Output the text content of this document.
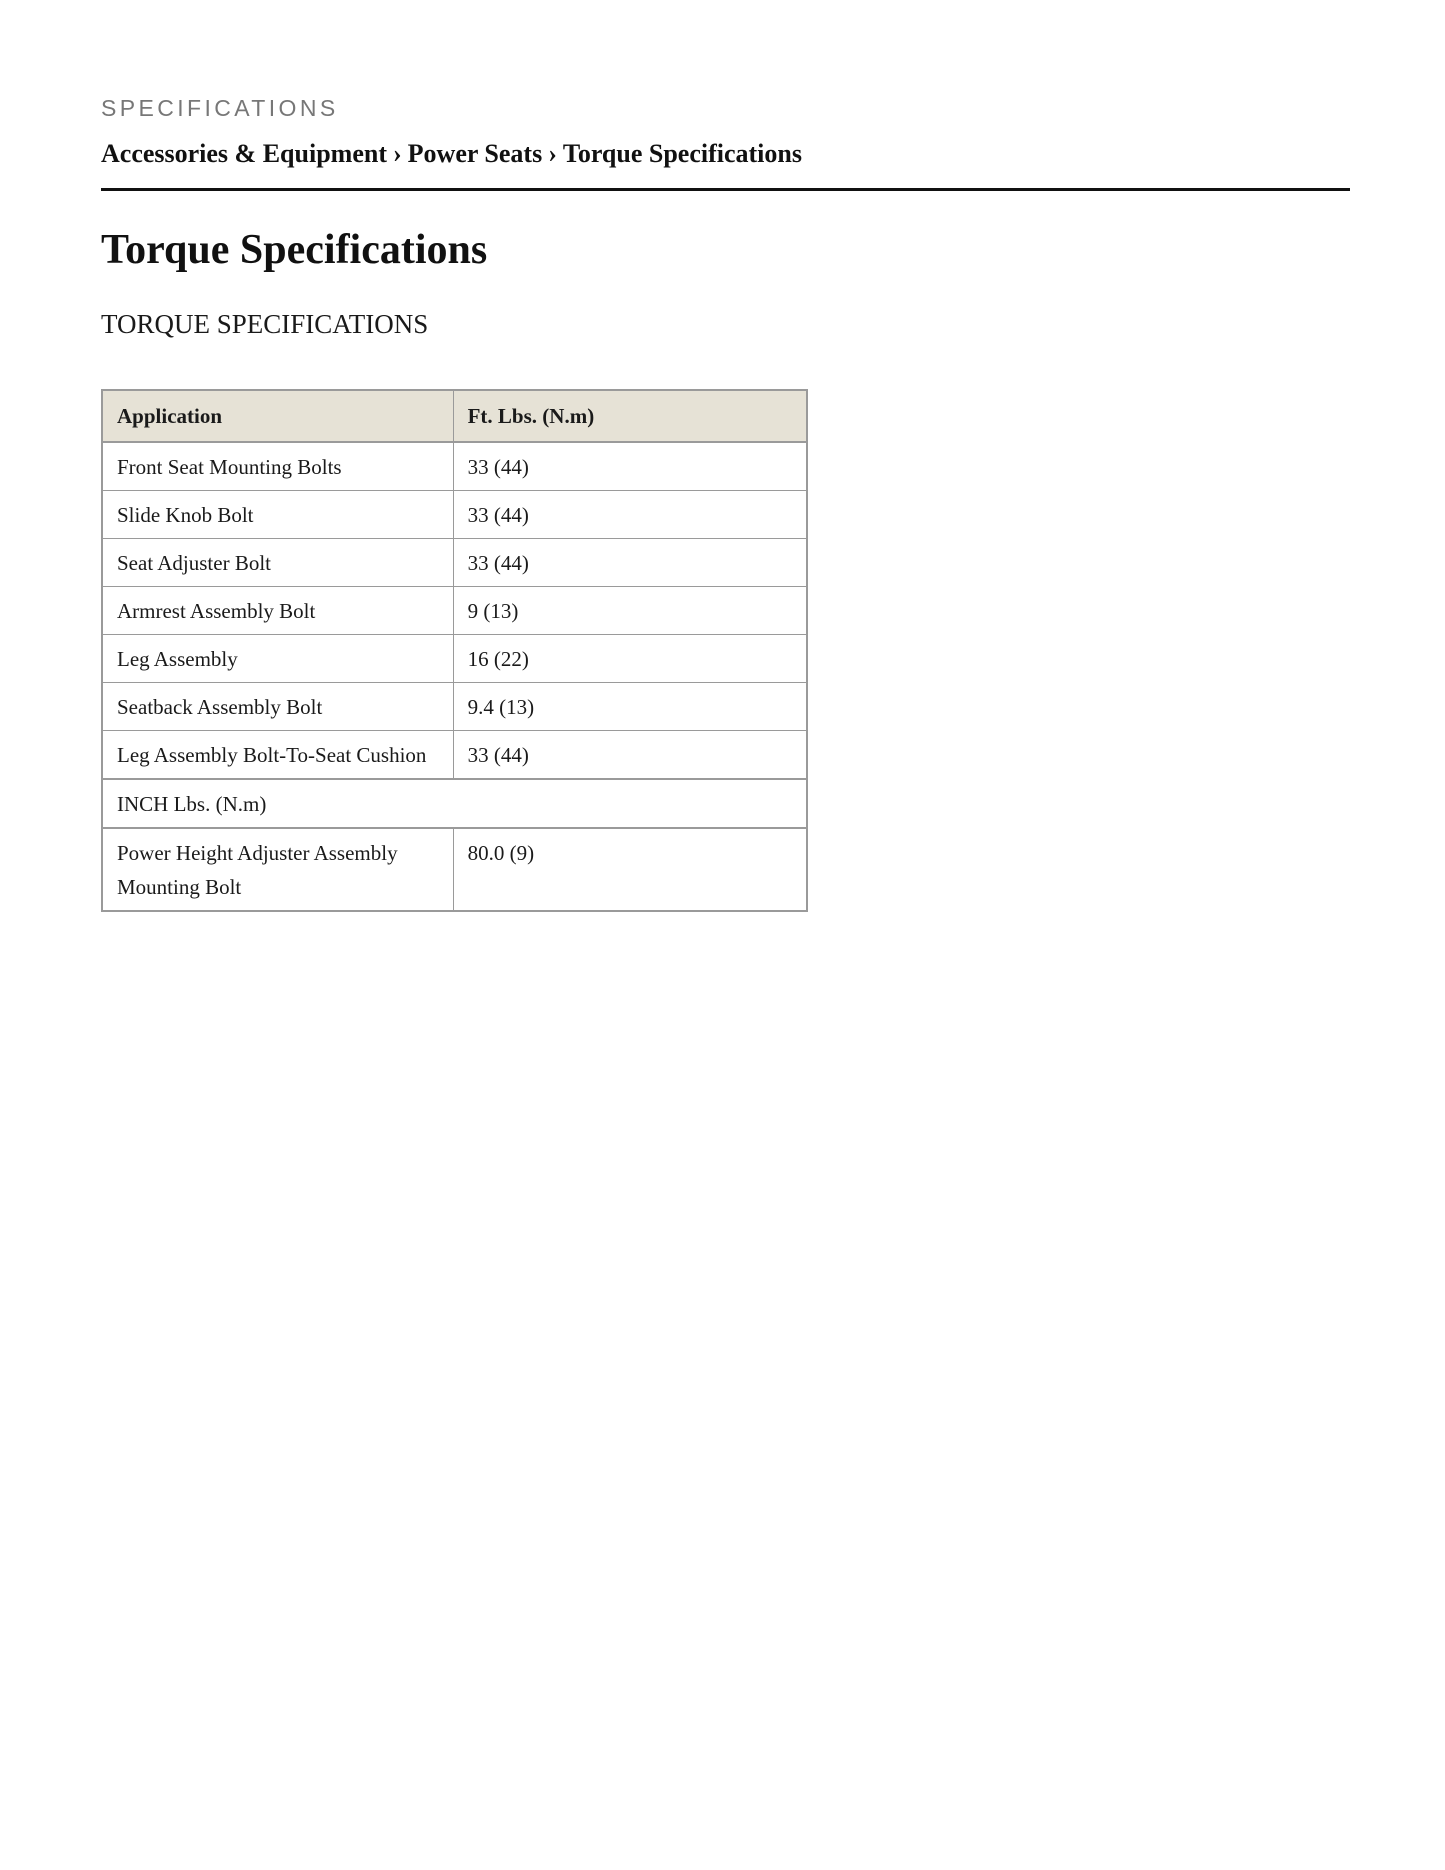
SPECIFICATIONS
Accessories & Equipment › Power Seats › Torque Specifications
Torque Specifications
TORQUE SPECIFICATIONS
Application	Ft. Lbs. (N.m)
Front Seat Mounting Bolts	33 (44)
Slide Knob Bolt	33 (44)
Seat Adjuster Bolt	33 (44)
Armrest Assembly Bolt	9 (13)
Leg Assembly	16 (22)
Seatback Assembly Bolt	9.4 (13)
Leg Assembly Bolt-To-Seat Cushion	33 (44)
INCH Lbs. (N.m)	
Power Height Adjuster Assembly Mounting Bolt	80.0 (9)
